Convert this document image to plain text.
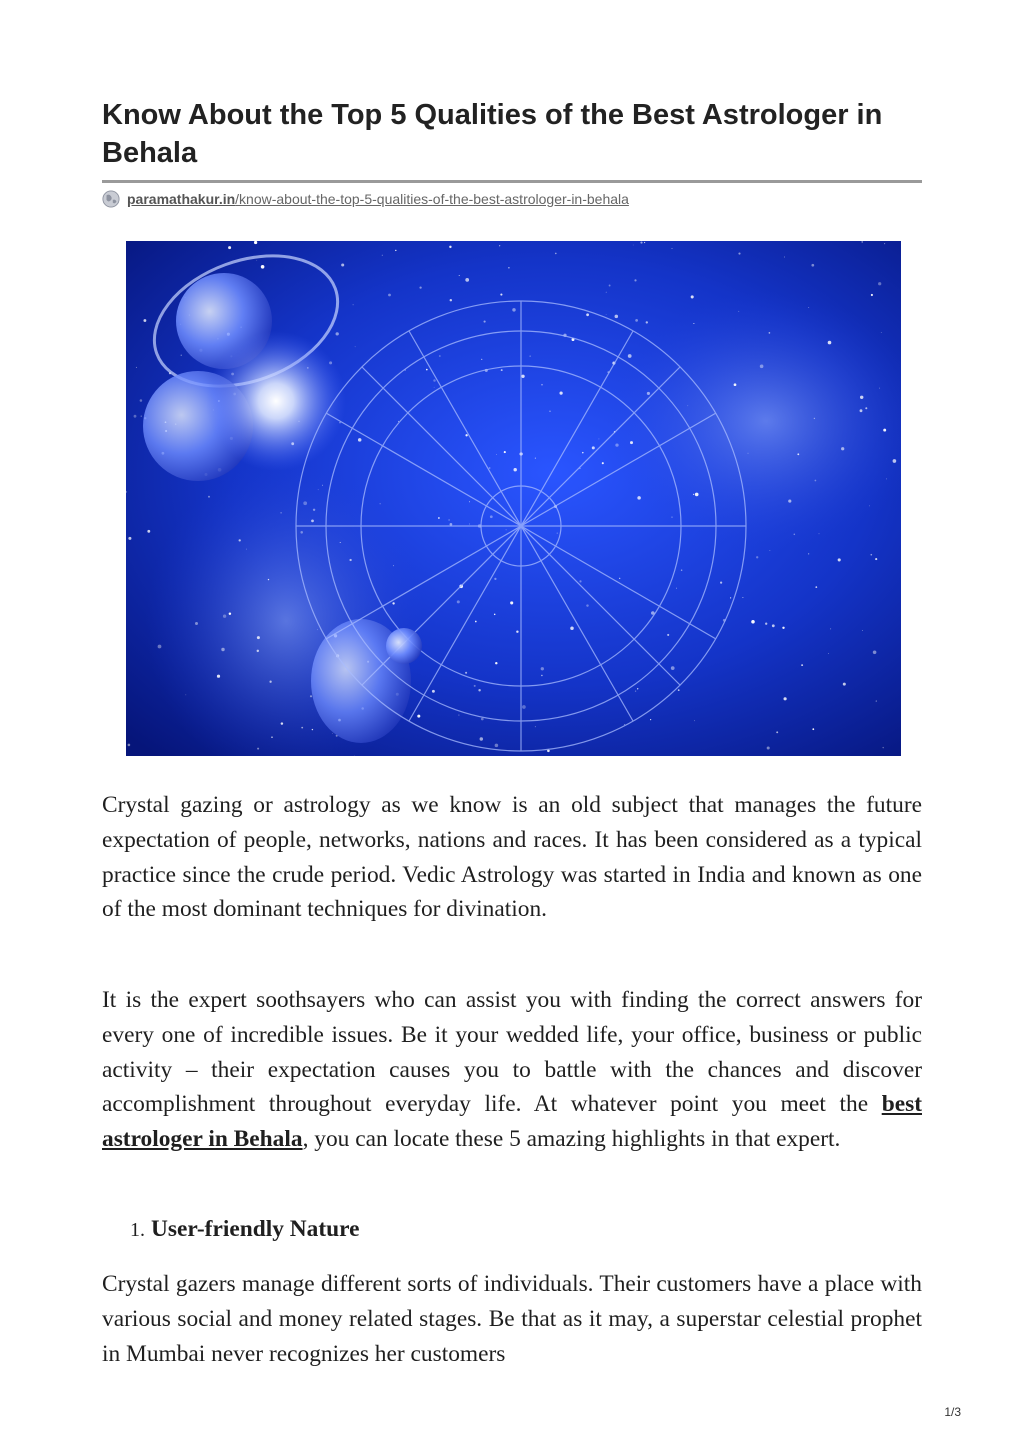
Know About the Top 5 Qualities of the Best Astrologer in Behala
paramathakur.in /know-about-the-top-5-qualities-of-the-best-astrologer-in-behala

Crystal gazing or astrology as we know is an old subject that manages the future expectation of people, networks, nations and races. It has been considered as a typical practice since the crude period. Vedic Astrology was started in India and known as one of the most dominant techniques for divination.

It is the expert soothsayers who can assist you with finding the correct answers for every one of incredible issues. Be it your wedded life, your office, business or public activity – their expectation causes you to battle with the chances and discover accomplishment throughout everyday life. At whatever point you meet the best astrologer in Behala, you can locate these 5 amazing highlights in that expert.

1. User-friendly Nature

Crystal gazers manage different sorts of individuals. Their customers have a place with various social and money related stages. Be that as it may, a superstar celestial prophet in Mumbai never recognizes her customers

1/3
